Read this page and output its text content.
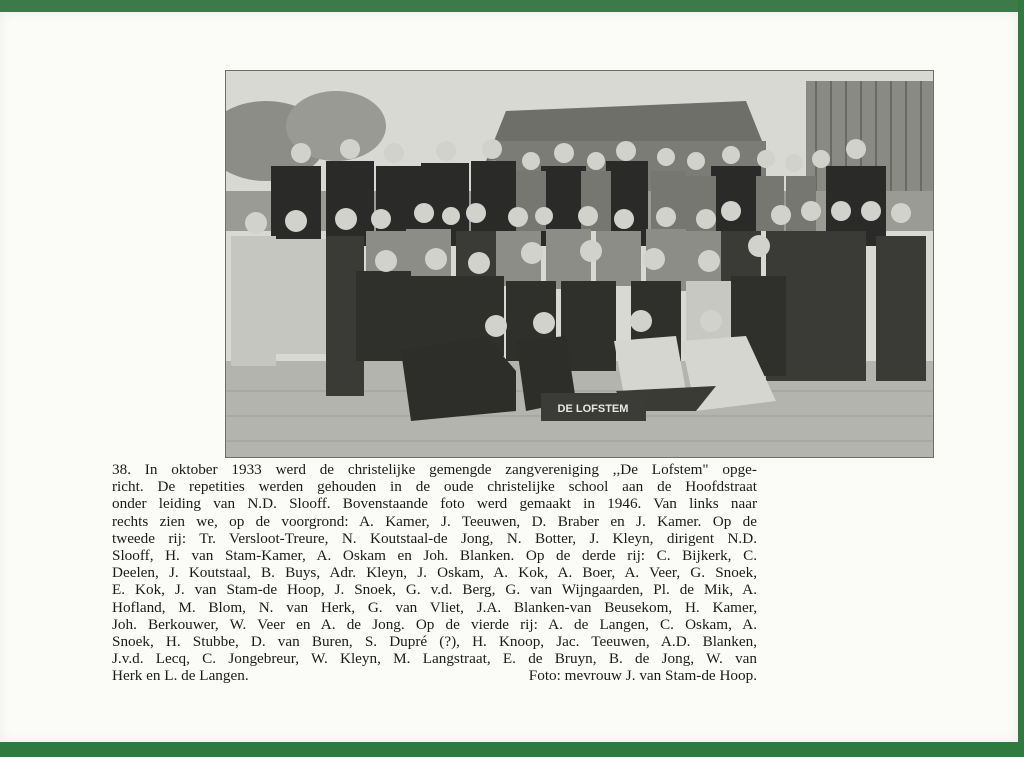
DE LOFSTEM
38. In oktober 1933 werd de christelijke gemengde zangvereniging ,,De Lofstem" opge-
richt. De repetities werden gehouden in de oude christelijke school aan de Hoofdstraat
onder leiding van N.D. Slooff. Bovenstaande foto werd gemaakt in 1946. Van links naar
rechts zien we, op de voorgrond: A. Kamer, J. Teeuwen, D. Braber en J. Kamer. Op de
tweede rij: Tr. Versloot-Treure, N. Koutstaal-de Jong, N. Botter, J. Kleyn, dirigent N.D.
Slooff, H. van Stam-Kamer, A. Oskam en Joh. Blanken. Op de derde rij: C. Bijkerk, C.
Deelen, J. Koutstaal, B. Buys, Adr. Kleyn, J. Oskam, A. Kok, A. Boer, A. Veer, G. Snoek,
E. Kok, J. van Stam-de Hoop, J. Snoek, G. v.d. Berg, G. van Wijngaarden, Pl. de Mik, A.
Hofland, M. Blom, N. van Herk, G. van Vliet, J.A. Blanken-van Beusekom, H. Kamer,
Joh. Berkouwer, W. Veer en A. de Jong. Op de vierde rij: A. de Langen, C. Oskam, A.
Snoek, H. Stubbe, D. van Buren, S. Dupré (?), H. Knoop, Jac. Teeuwen, A.D. Blanken,
J.v.d. Lecq, C. Jongebreur, W. Kleyn, M. Langstraat, E. de Bruyn, B. de Jong, W. van
Herk en L. de Langen.	Foto: mevrouw J. van Stam-de Hoop.
